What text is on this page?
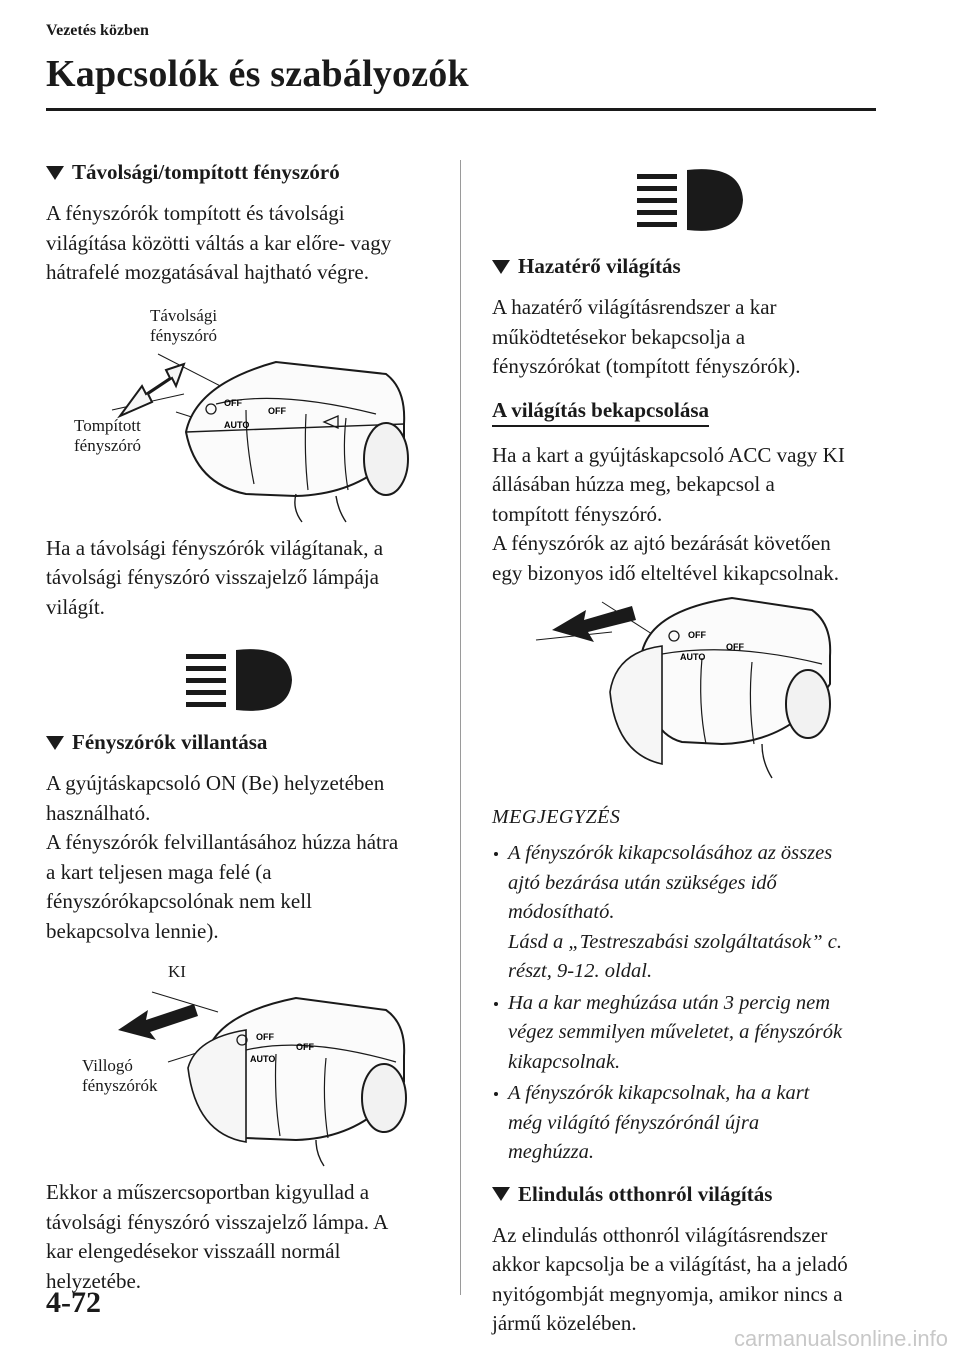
Vezetés közben
Kapcsolók és szabályozók
Távolsági/tompított fényszóró
A fényszórók tompított és távolsági
világítása közötti váltás a kar előre- vagy
hátrafelé mozgatásával hajtható végre.
Távolsági
fényszóró
Tompított
fényszóró
OFF
AUTO
OFF
Ha a távolsági fényszórók világítanak, a
távolsági fényszóró visszajelző lámpája
világít.
Fényszórók villantása
A gyújtáskapcsoló ON (Be) helyzetében
használható.
A fényszórók felvillantásához húzza hátra
a kart teljesen maga felé (a
fényszórókapcsolónak nem kell
bekapcsolva lennie).
KI
Villogó
fényszórók
OFF
AUTO
OFF
Ekkor a műszercsoportban kigyullad a
távolsági fényszóró visszajelző lámpa. A
kar elengedésekor visszaáll normál
helyzetébe.
Hazatérő világítás
A hazatérő világításrendszer a kar
működtetésekor bekapcsolja a
fényszórókat (tompított fényszórók).
A világítás bekapcsolása
Ha a kart a gyújtáskapcsoló ACC vagy KI
állásában húzza meg, bekapcsol a
tompított fényszóró.
A fényszórók az ajtó bezárását követően
egy bizonyos idő elteltével kikapcsolnak.
OFF
AUTO
OFF
MEGJEGYZÉS
A fényszórók kikapcsolásához az összes
ajtó bezárása után szükséges idő
módosítható.
Lásd a „Testreszabási szolgáltatások” c.
részt, 9-12. oldal.
Ha a kar meghúzása után 3 percig nem
végez semmilyen műveletet, a fényszórók
kikapcsolnak.
A fényszórók kikapcsolnak, ha a kart
még világító fényszórónál újra
meghúzza.
Elindulás otthonról világítás
Az elindulás otthonról világításrendszer
akkor kapcsolja be a világítást, ha a jeladó
nyitógombját megnyomja, amikor nincs a
jármű közelében.
4-72
carmanualsonline.info
